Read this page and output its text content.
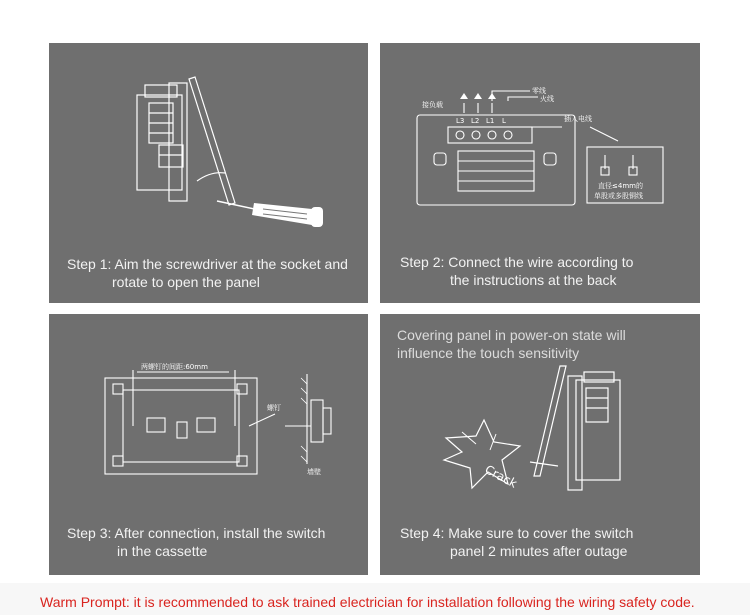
Step 1: Aim the screwdriver at the socket and
rotate to open the panel
接负载
零线
火线
L3 L2 L1 L	插入电线
直径≤4mm的
单股或多股铜线
Step 2: Connect the wire according to
the instructions at the back
两螺钉的间距:60mm
螺钉
墙壁
Step 3: After connection, install the switch
in the cassette
Covering panel in power-on state will
influence the touch sensitivity
Crack
Step 4: Make sure to cover the switch
panel 2 minutes after outage
Warm Prompt: it is recommended to ask trained electrician for installation following the wiring safety code.
